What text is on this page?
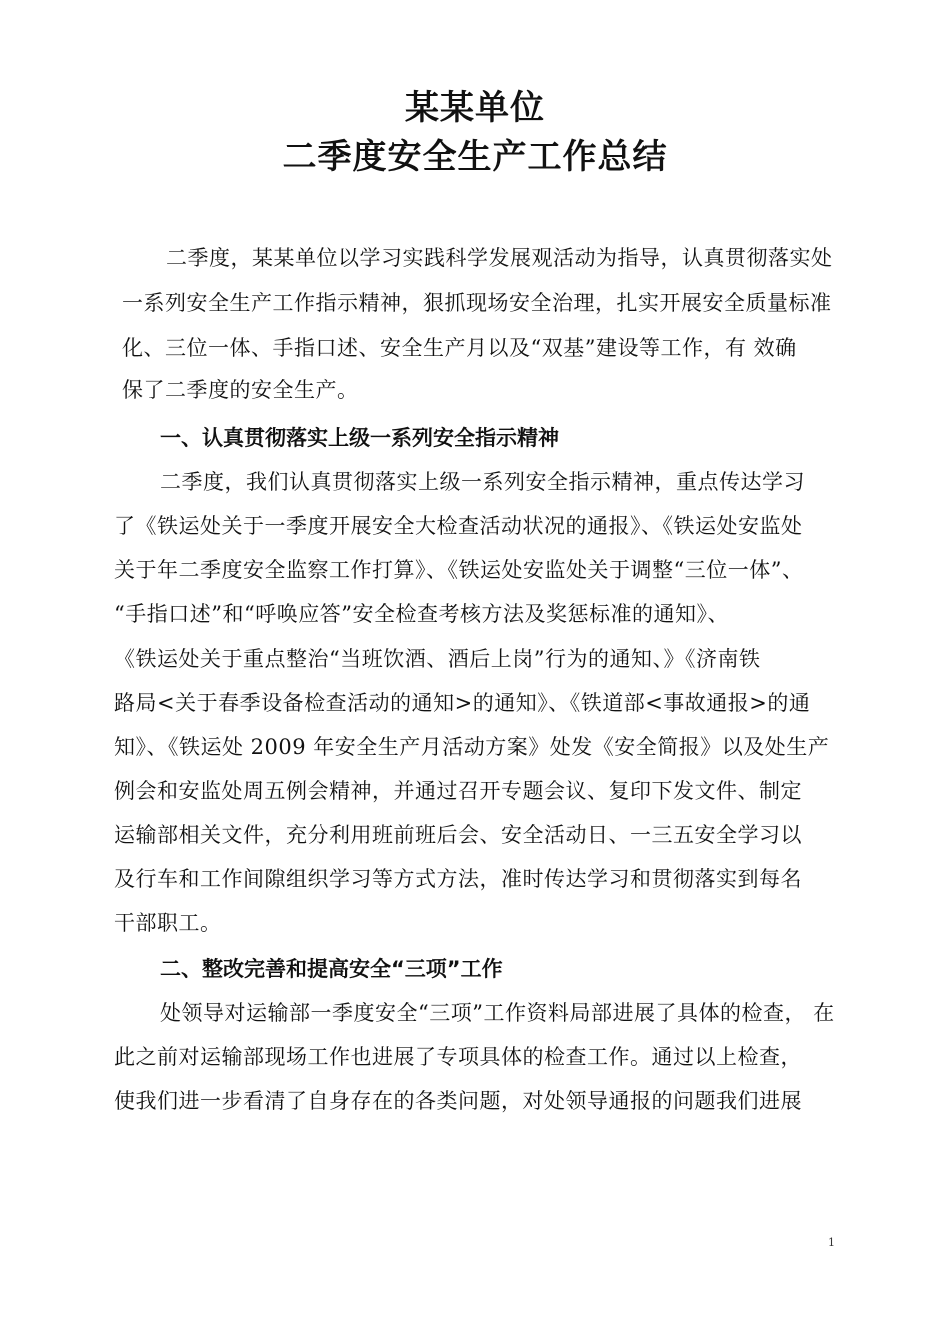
某某单位
二季度安全生产工作总结
二季度，某某单位以学习实践科学发展观活动为指导，认真贯彻落实处
一系列安全生产工作指示精神，狠抓现场安全治理，扎实开展安全质量标准
化、三位一体、手指口述、安全生产月以及“双基”建设等工作，有 效确
保了二季度的安全生产。
一、认真贯彻落实上级一系列安全指示精神
二季度，我们认真贯彻落实上级一系列安全指示精神，重点传达学习
了《铁运处关于一季度开展安全大检查活动状况的通报》、《铁运处安监处
关于年二季度安全监察工作打算》、《铁运处安监处关于调整“三位一体”、
“手指口述”和“呼唤应答”安全检查考核方法及奖惩标准的通知》、
《铁运处关于重点整治“当班饮酒、酒后上岗”行为的通知、》《济南铁
路局<关于春季设备检查活动的通知>的通知》、《铁道部<事故通报>的通
知》、《铁运处 2009 年安全生产月活动方案》处发《安全简报》以及处生产
例会和安监处周五例会精神，并通过召开专题会议、复印下发文件、制定
运输部相关文件，充分利用班前班后会、安全活动日、一三五安全学习以
及行车和工作间隙组织学习等方式方法，准时传达学习和贯彻落实到每名
干部职工。
二、整改完善和提高安全“三项”工作
处领导对运输部一季度安全“三项”工作资料局部进展了具体的检查， 在
此之前对运输部现场工作也进展了专项具体的检查工作。通过以上检查，
使我们进一步看清了自身存在的各类问题，对处领导通报的问题我们进展
1
